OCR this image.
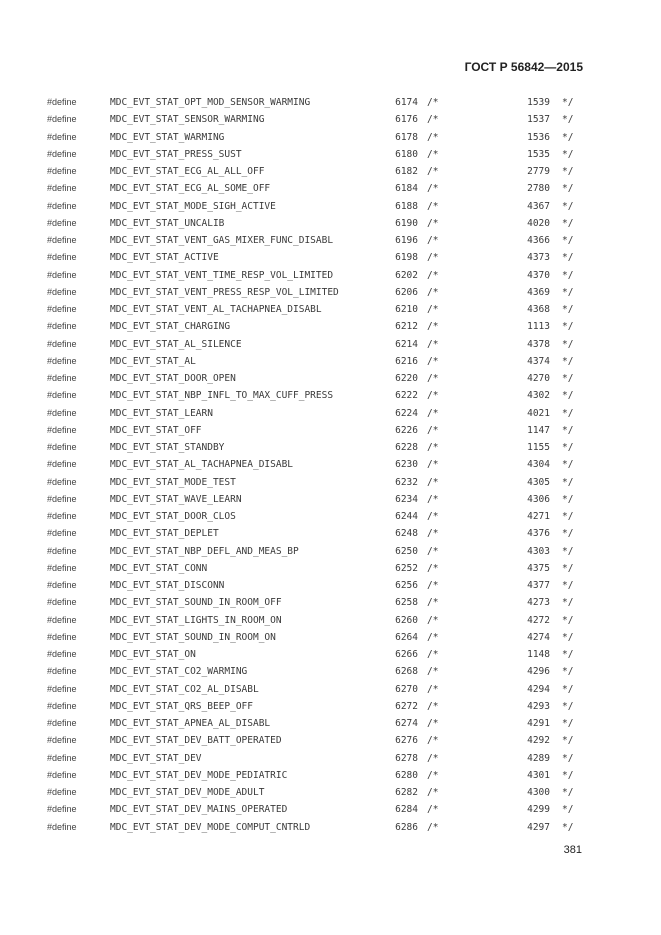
ГОСТ Р 56842—2015
#define	MDC_EVT_STAT_OPT_MOD_SENSOR_WARMING	6174 /*	1539 */
#define	MDC_EVT_STAT_SENSOR_WARMING	6176 /*	1537 */
#define	MDC_EVT_STAT_WARMING	6178 /*	1536 */
#define	MDC_EVT_STAT_PRESS_SUST	6180 /*	1535 */
#define	MDC_EVT_STAT_ECG_AL_ALL_OFF	6182 /*	2779 */
#define	MDC_EVT_STAT_ECG_AL_SOME_OFF	6184 /*	2780 */
#define	MDC_EVT_STAT_MODE_SIGH_ACTIVE	6188 /*	4367 */
#define	MDC_EVT_STAT_UNCALIB	6190 /*	4020 */
#define	MDC_EVT_STAT_VENT_GAS_MIXER_FUNC_DISABL	6196 /*	4366 */
#define	MDC_EVT_STAT_ACTIVE	6198 /*	4373 */
#define	MDC_EVT_STAT_VENT_TIME_RESP_VOL_LIMITED	6202 /*	4370 */
#define	MDC_EVT_STAT_VENT_PRESS_RESP_VOL_LIMITED	6206 /*	4369 */
#define	MDC_EVT_STAT_VENT_AL_TACHAPNEA_DISABL	6210 /*	4368 */
#define	MDC_EVT_STAT_CHARGING	6212 /*	1113 */
#define	MDC_EVT_STAT_AL_SILENCE	6214 /*	4378 */
#define	MDC_EVT_STAT_AL	6216 /*	4374 */
#define	MDC_EVT_STAT_DOOR_OPEN	6220 /*	4270 */
#define	MDC_EVT_STAT_NBP_INFL_TO_MAX_CUFF_PRESS	6222 /*	4302 */
#define	MDC_EVT_STAT_LEARN	6224 /*	4021 */
#define	MDC_EVT_STAT_OFF	6226 /*	1147 */
#define	MDC_EVT_STAT_STANDBY	6228 /*	1155 */
#define	MDC_EVT_STAT_AL_TACHAPNEA_DISABL	6230 /*	4304 */
#define	MDC_EVT_STAT_MODE_TEST	6232 /*	4305 */
#define	MDC_EVT_STAT_WAVE_LEARN	6234 /*	4306 */
#define	MDC_EVT_STAT_DOOR_CLOS	6244 /*	4271 */
#define	MDC_EVT_STAT_DEPLET	6248 /*	4376 */
#define	MDC_EVT_STAT_NBP_DEFL_AND_MEAS_BP	6250 /*	4303 */
#define	MDC_EVT_STAT_CONN	6252 /*	4375 */
#define	MDC_EVT_STAT_DISCONN	6256 /*	4377 */
#define	MDC_EVT_STAT_SOUND_IN_ROOM_OFF	6258 /*	4273 */
#define	MDC_EVT_STAT_LIGHTS_IN_ROOM_ON	6260 /*	4272 */
#define	MDC_EVT_STAT_SOUND_IN_ROOM_ON	6264 /*	4274 */
#define	MDC_EVT_STAT_ON	6266 /*	1148 */
#define	MDC_EVT_STAT_CO2_WARMING	6268 /*	4296 */
#define	MDC_EVT_STAT_CO2_AL_DISABL	6270 /*	4294 */
#define	MDC_EVT_STAT_QRS_BEEP_OFF	6272 /*	4293 */
#define	MDC_EVT_STAT_APNEA_AL_DISABL	6274 /*	4291 */
#define	MDC_EVT_STAT_DEV_BATT_OPERATED	6276 /*	4292 */
#define	MDC_EVT_STAT_DEV	6278 /*	4289 */
#define	MDC_EVT_STAT_DEV_MODE_PEDIATRIC	6280 /*	4301 */
#define	MDC_EVT_STAT_DEV_MODE_ADULT	6282 /*	4300 */
#define	MDC_EVT_STAT_DEV_MAINS_OPERATED	6284 /*	4299 */
#define	MDC_EVT_STAT_DEV_MODE_COMPUT_CNTRLD	6286 /*	4297 */
381
